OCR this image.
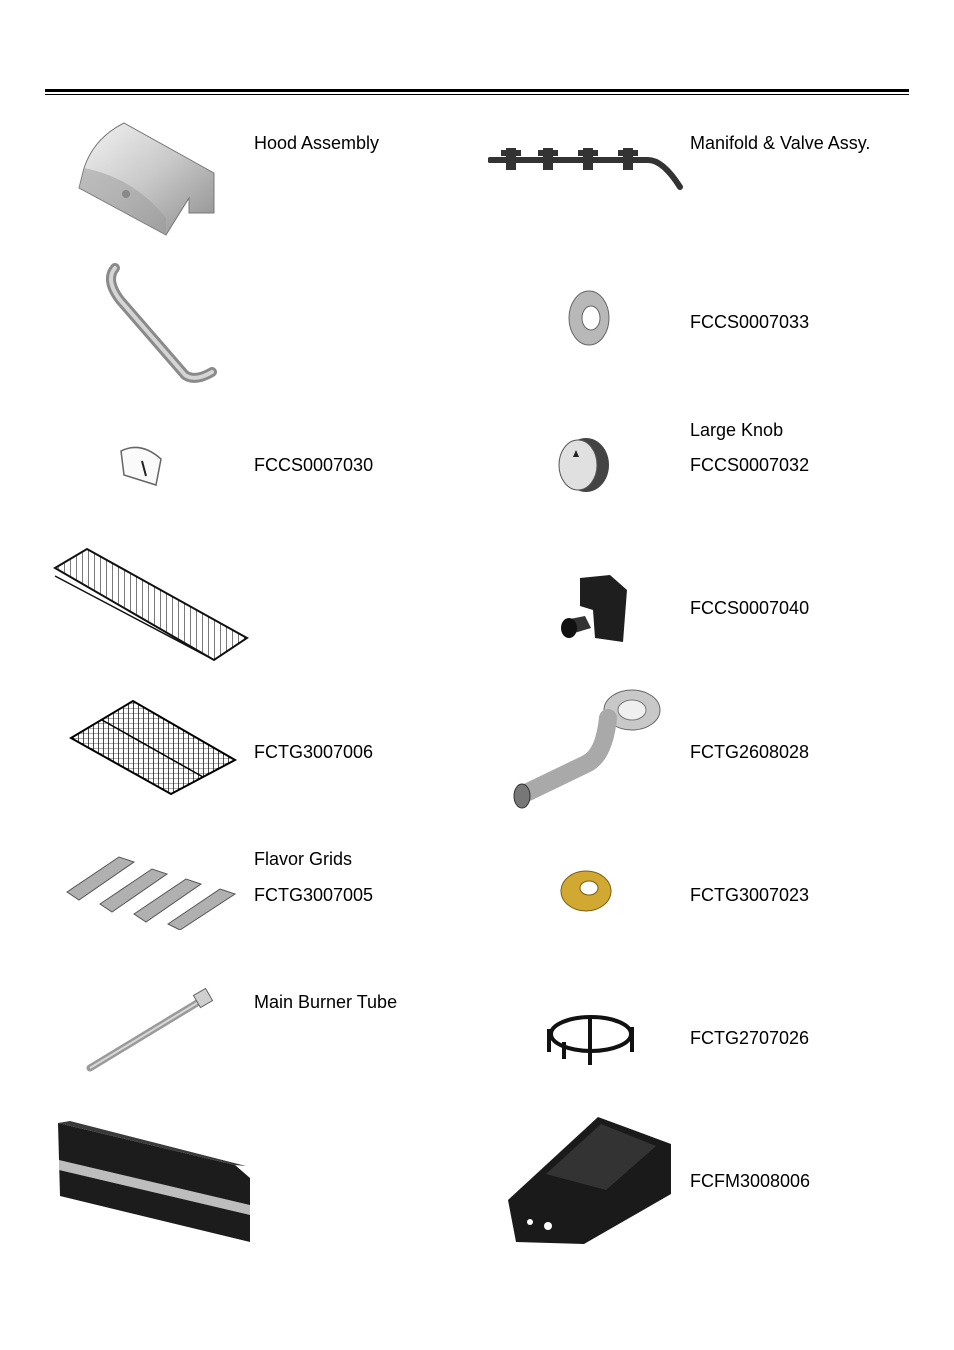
Hood Assembly	Manifold & Valve Assy.
FCCS0007033
FCCS0007030
Large Knob
FCCS0007032
FCCS0007040
FCTG3007006	FCTG2608028
Flavor Grids
FCTG3007005	FCTG3007023
Main Burner Tube
FCTG2707026
FCFM3008006
